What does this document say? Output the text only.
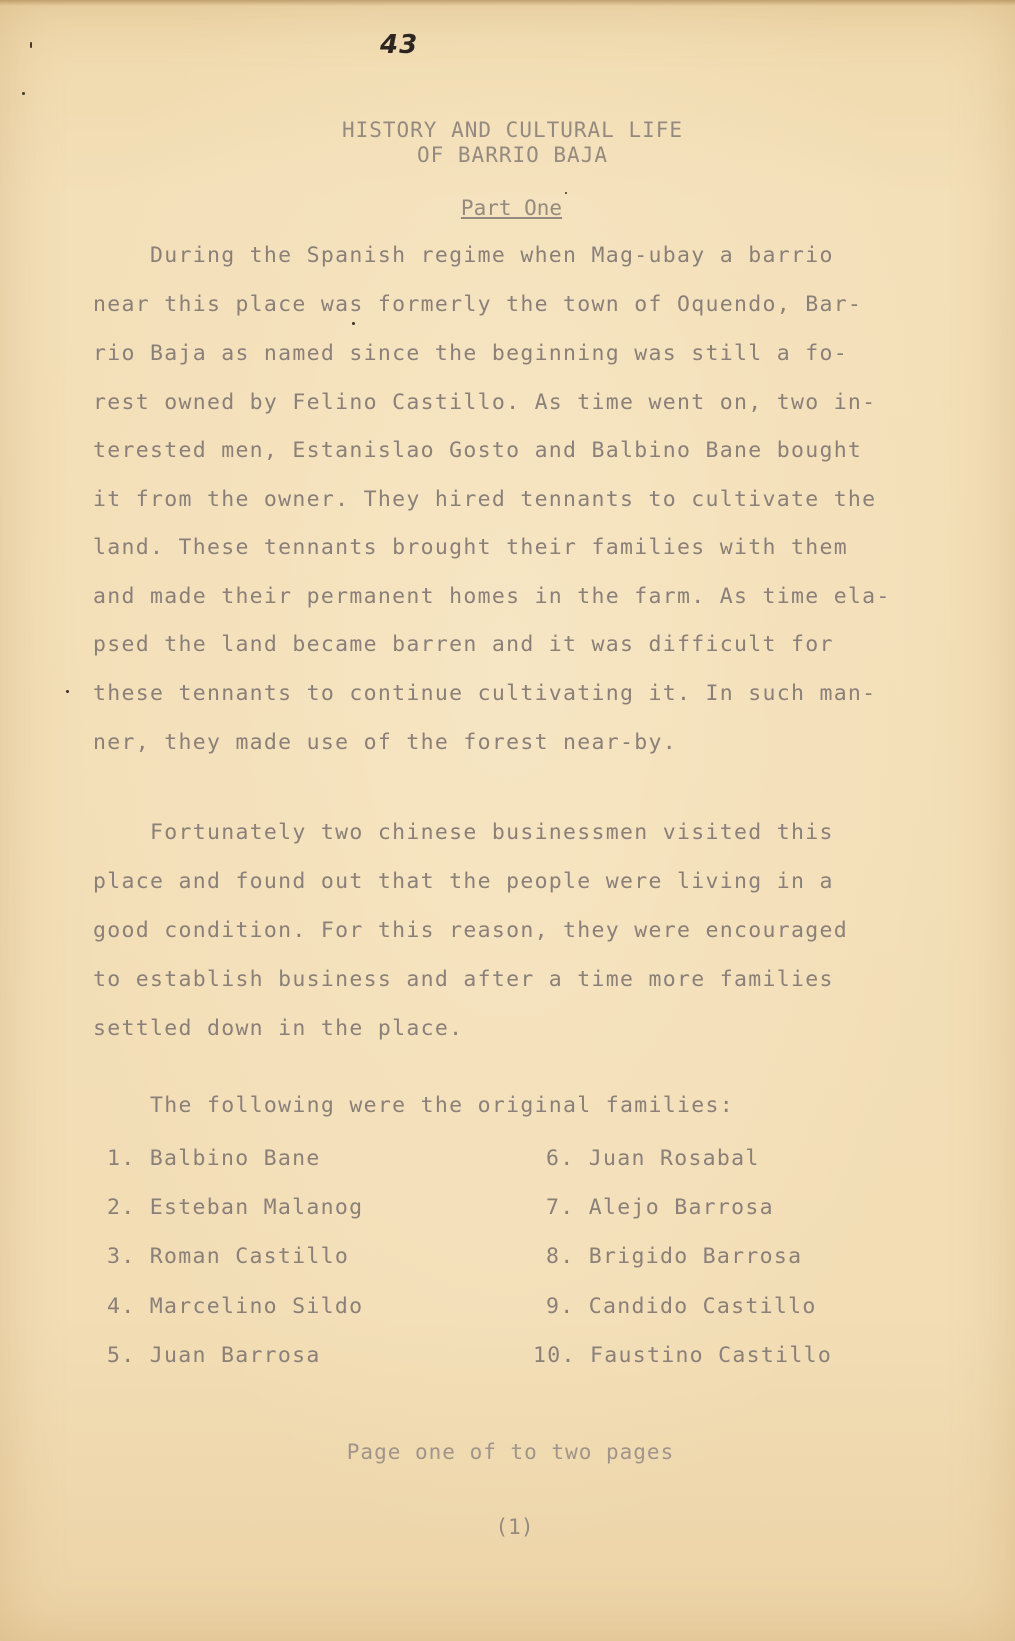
43
HISTORY AND CULTURAL LIFE
OF BARRIO BAJA
Part One
During the Spanish regime when Mag-ubay a barrio
near this place was formerly the town of Oquendo, Bar-
rio Baja as named since the beginning was still a fo-
rest owned by Felino Castillo. As time went on, two in-
terested men, Estanislao Gosto and Balbino Bane bought
it from the owner. They hired tennants to cultivate the
land. These tennants brought their families with them
and made their permanent homes in the farm. As time ela-
psed the land became barren and it was difficult for
these tennants to continue cultivating it. In such man-
ner, they made use of the forest near-by.
Fortunately two chinese businessmen visited this
place and found out that the people were living in a
good condition. For this reason, they were encouraged
to establish business and after a time more families
settled down in the place.
The following were the original families:
1. Balbino Bane
2. Esteban Malanog
3. Roman Castillo
4. Marcelino Sildo
5. Juan Barrosa
6. Juan Rosabal
7. Alejo Barrosa
8. Brigido Barrosa
9. Candido Castillo
10. Faustino Castillo
Page one of to two pages
(1)
